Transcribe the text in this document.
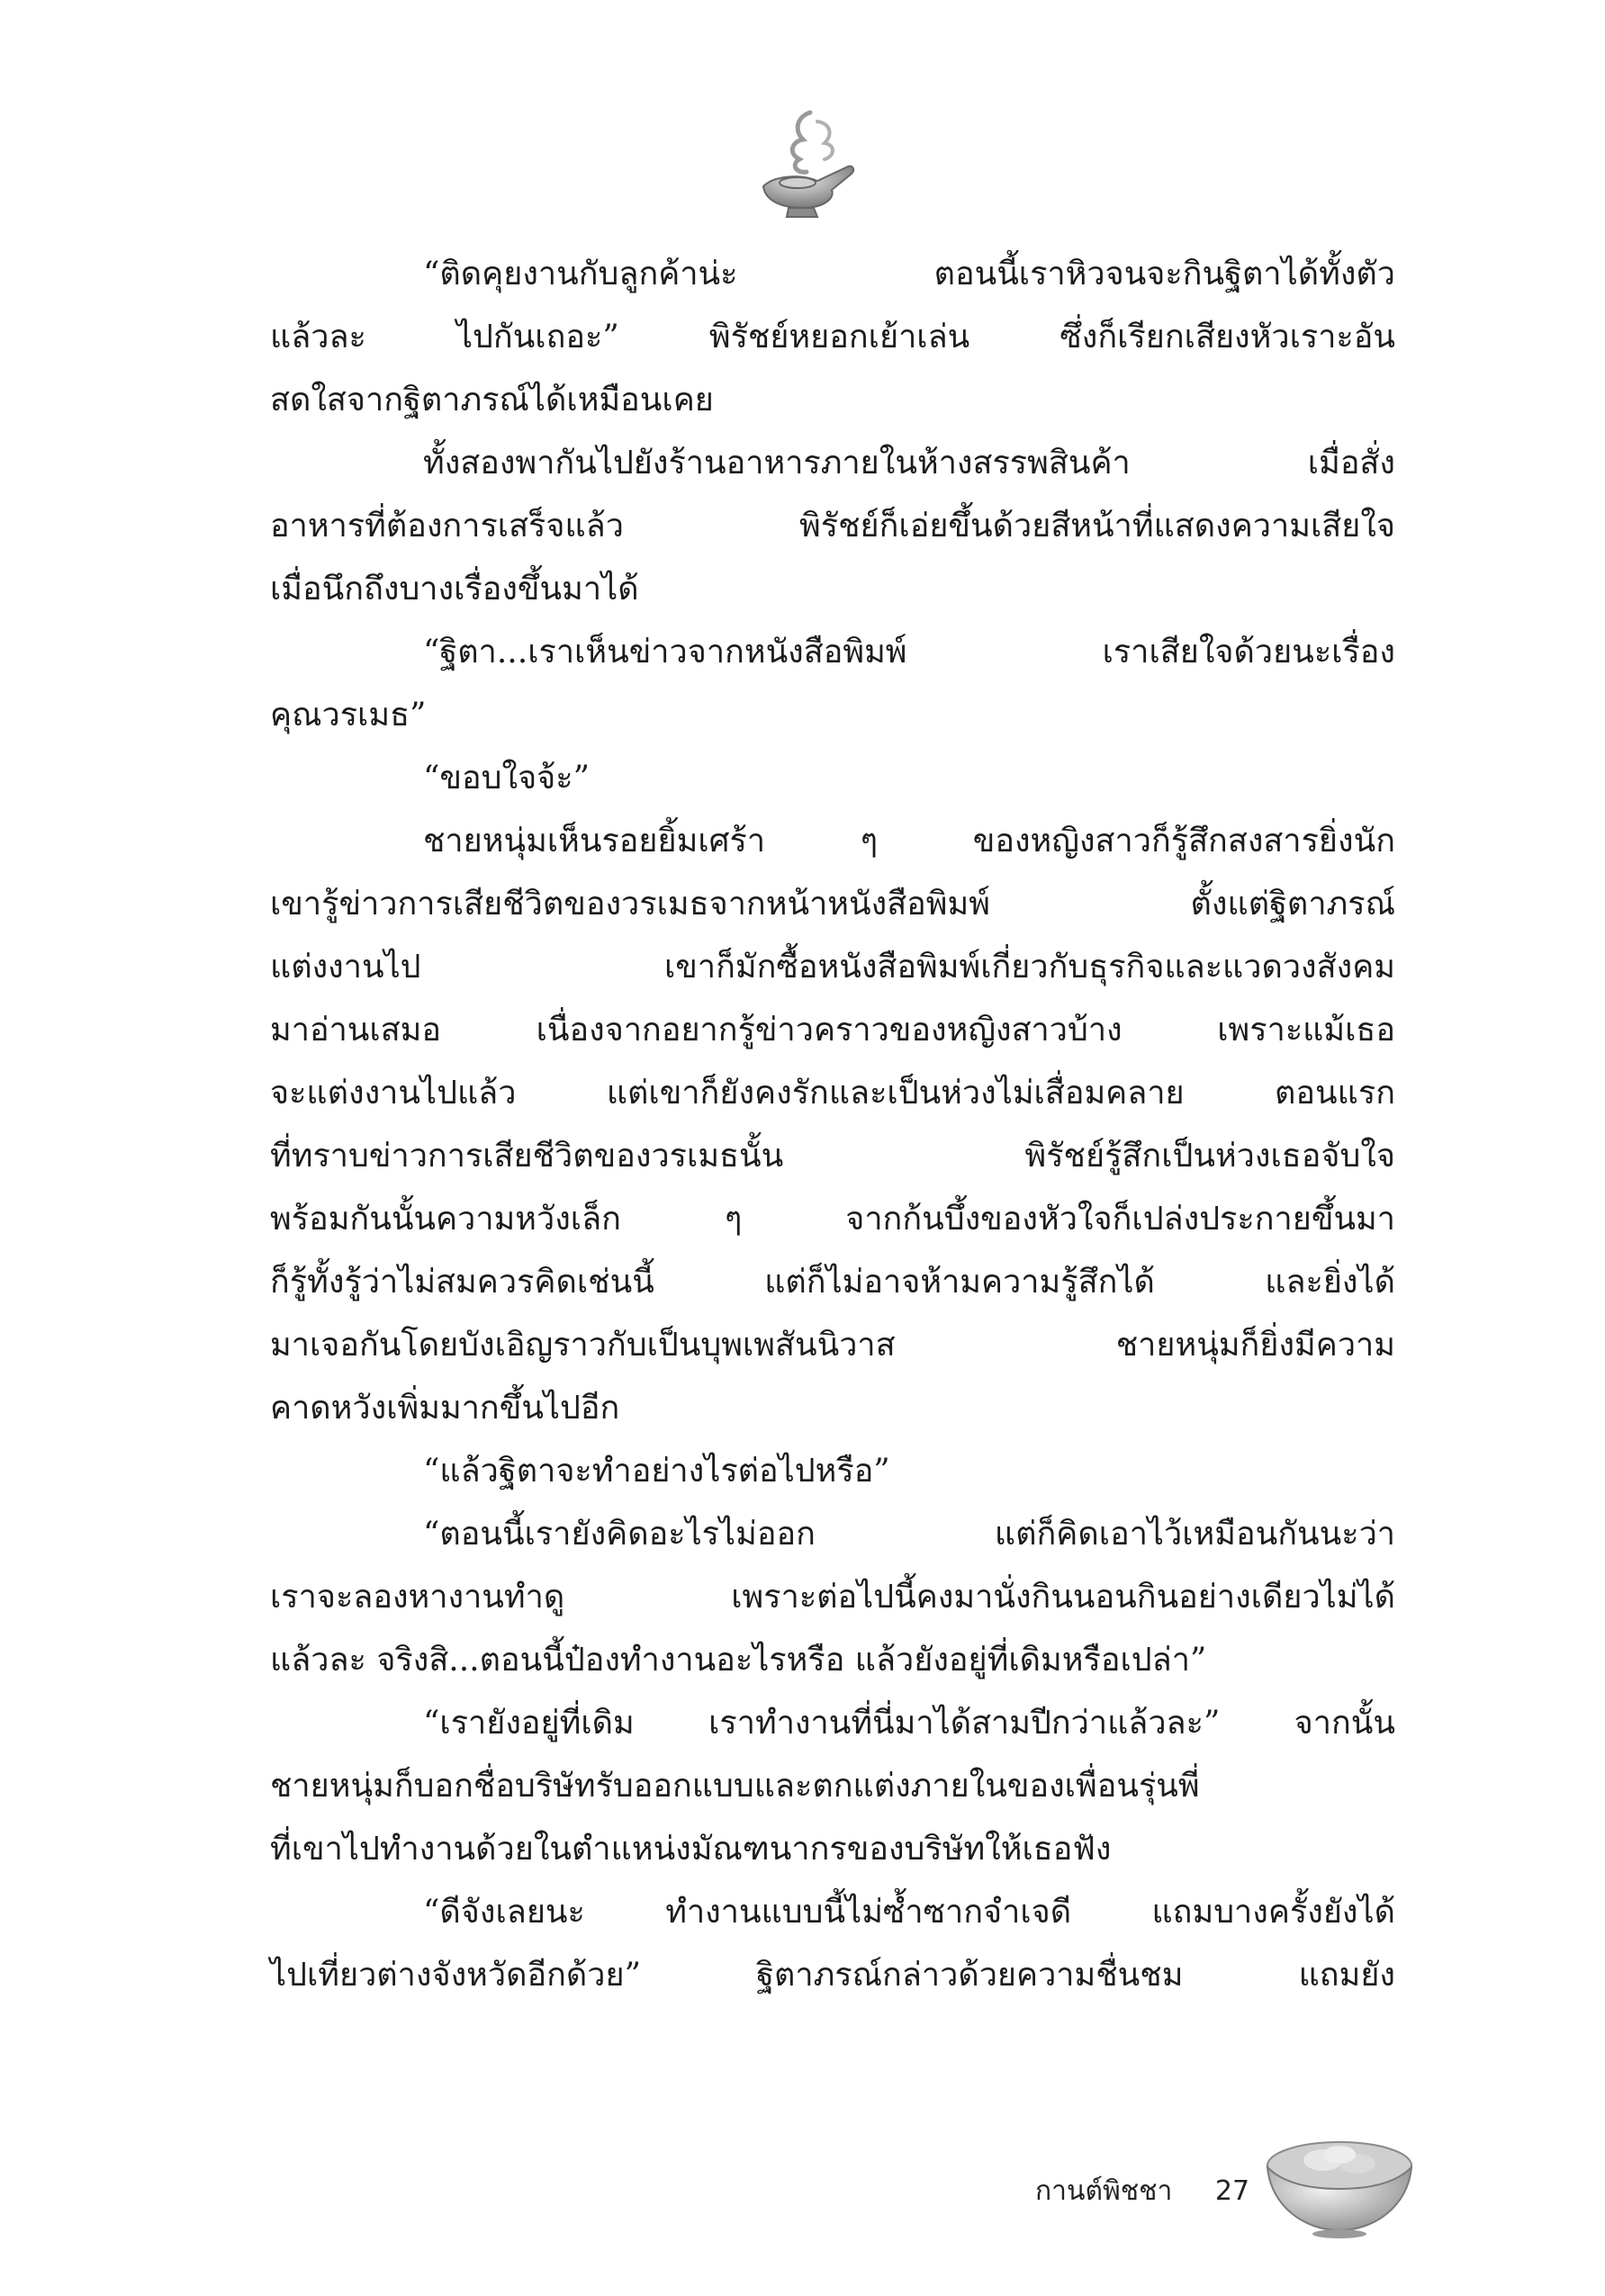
“ติดคุยงานกับลูกค้าน่ะ ตอนนี้เราหิวจนจะกินฐิตาได้ทั้งตัว
แล้วละ ไปกันเถอะ” พิรัชย์หยอกเย้าเล่น ซึ่งก็เรียกเสียงหัวเราะอัน
สดใสจากฐิตาภรณ์ได้เหมือนเคย
ทั้งสองพากันไปยังร้านอาหารภายในห้างสรรพสินค้า เมื่อสั่ง
อาหารที่ต้องการเสร็จแล้ว พิรัชย์ก็เอ่ยขึ้นด้วยสีหน้าที่แสดงความเสียใจ
เมื่อนึกถึงบางเรื่องขึ้นมาได้
“ฐิตา...เราเห็นข่าวจากหนังสือพิมพ์ เราเสียใจด้วยนะเรื่อง
คุณวรเมธ”
“ขอบใจจ้ะ”
ชายหนุ่มเห็นรอยยิ้มเศร้า ๆ ของหญิงสาวก็รู้สึกสงสารยิ่งนัก
เขารู้ข่าวการเสียชีวิตของวรเมธจากหน้าหนังสือพิมพ์ ตั้งแต่ฐิตาภรณ์
แต่งงานไป เขาก็มักซื้อหนังสือพิมพ์เกี่ยวกับธุรกิจและแวดวงสังคม
มาอ่านเสมอ เนื่องจากอยากรู้ข่าวคราวของหญิงสาวบ้าง เพราะแม้เธอ
จะแต่งงานไปแล้ว แต่เขาก็ยังคงรักและเป็นห่วงไม่เสื่อมคลาย ตอนแรก
ที่ทราบข่าวการเสียชีวิตของวรเมธนั้น พิรัชย์รู้สึกเป็นห่วงเธอจับใจ
พร้อมกันนั้นความหวังเล็ก ๆ จากก้นบึ้งของหัวใจก็เปล่งประกายขึ้นมา
ก็รู้ทั้งรู้ว่าไม่สมควรคิดเช่นนี้ แต่ก็ไม่อาจห้ามความรู้สึกได้ และยิ่งได้
มาเจอกันโดยบังเอิญราวกับเป็นบุพเพสันนิวาส ชายหนุ่มก็ยิ่งมีความ
คาดหวังเพิ่มมากขึ้นไปอีก
“แล้วฐิตาจะทำอย่างไรต่อไปหรือ”
“ตอนนี้เรายังคิดอะไรไม่ออก แต่ก็คิดเอาไว้เหมือนกันนะว่า
เราจะลองหางานทำดู เพราะต่อไปนี้คงมานั่งกินนอนกินอย่างเดียวไม่ได้
แล้วละ จริงสิ...ตอนนี้ป๋องทำงานอะไรหรือ แล้วยังอยู่ที่เดิมหรือเปล่า”
“เรายังอยู่ที่เดิม เราทำงานที่นี่มาได้สามปีกว่าแล้วละ” จากนั้น
ชายหนุ่มก็บอกชื่อบริษัทรับออกแบบและตกแต่งภายในของเพื่อนรุ่นพี่
ที่เขาไปทำงานด้วยในตำแหน่งมัณฑนากรของบริษัทให้เธอฟัง
“ดีจังเลยนะ ทำงานแบบนี้ไม่ซ้ำซากจำเจดี แถมบางครั้งยังได้
ไปเที่ยวต่างจังหวัดอีกด้วย” ฐิตาภรณ์กล่าวด้วยความชื่นชม แถมยัง
กานต์พิชชา 27
